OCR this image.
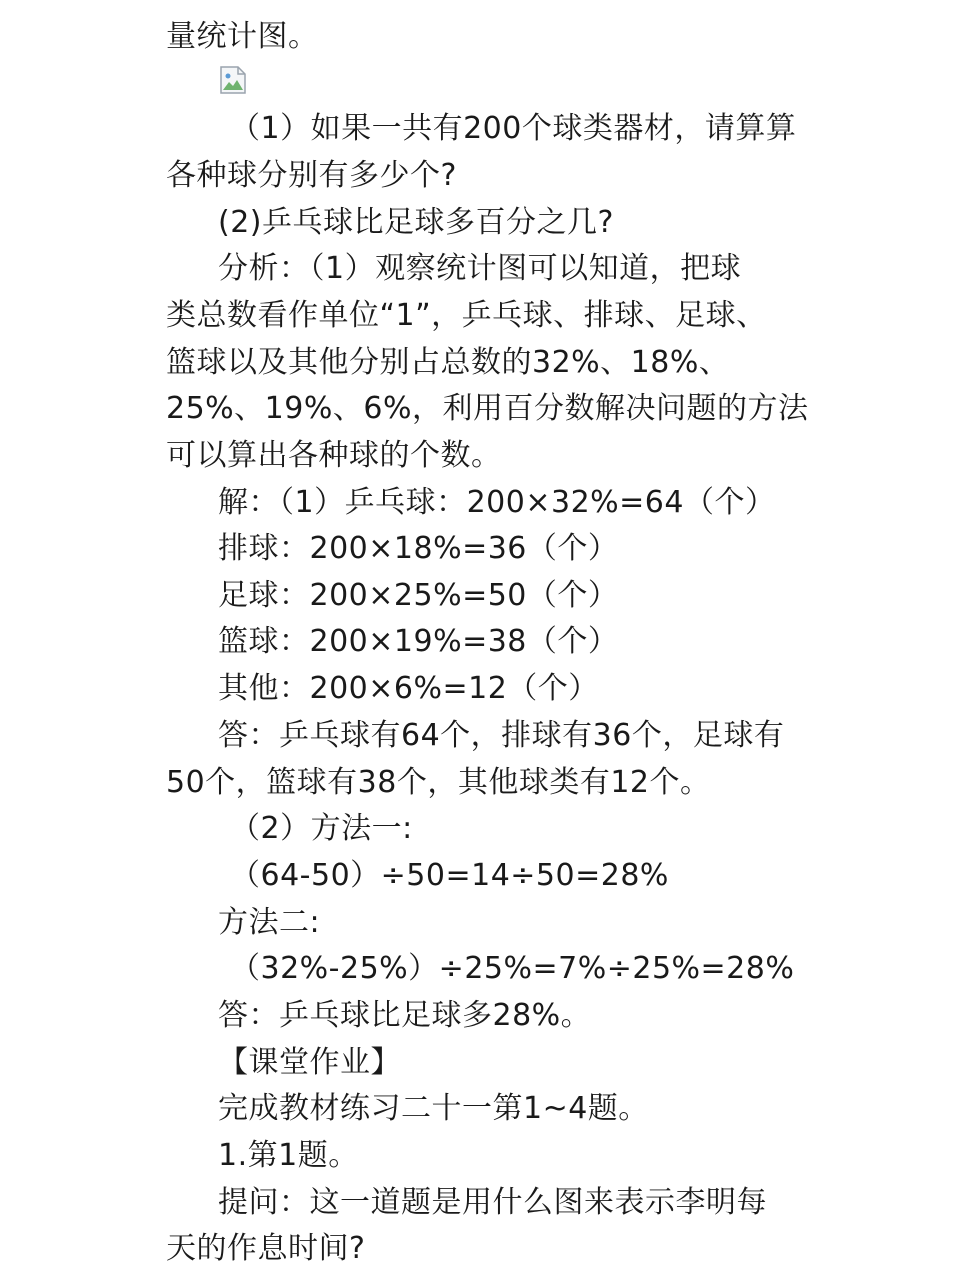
量统计图。
（1）如果一共有200个球类器材，请算算
各种球分别有多少个?
(2)乒乓球比足球多百分之几?
分析：（1）观察统计图可以知道，把球
类总数看作单位“1”，乒乓球、排球、足球、
篮球以及其他分别占总数的32%、18%、
25%、19%、6%，利用百分数解决问题的方法
可以算出各种球的个数。
解：（1）乒乓球：200×32%=64（个）
排球：200×18%=36（个）
足球：200×25%=50（个）
篮球：200×19%=38（个）
其他：200×6%=12（个）
答：乒乓球有64个，排球有36个，足球有
50个，篮球有38个，其他球类有12个。
（2）方法一:
（64-50）÷50=14÷50=28%
方法二:
（32%-25%）÷25%=7%÷25%=28%
答：乒乓球比足球多28%。
【课堂作业】
完成教材练习二十一第1~4题。
1.第1题。
提问：这一道题是用什么图来表示李明每
天的作息时间?
